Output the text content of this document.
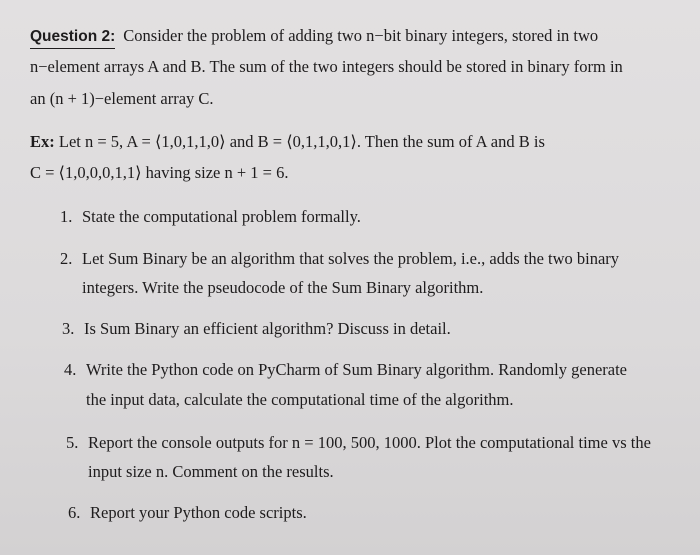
Question 2: Consider the problem of adding two n−bit binary integers, stored in two
n−element arrays A and B. The sum of the two integers should be stored in binary form in
an (n + 1)−element array C.
Ex: Let n = 5, A = ⟨1,0,1,1,0⟩ and B = ⟨0,1,1,0,1⟩. Then the sum of A and B is
C = ⟨1,0,0,0,1,1⟩ having size n + 1 = 6.
1. State the computational problem formally.
2. Let Sum Binary be an algorithm that solves the problem, i.e., adds the two binary
integers. Write the pseudocode of the Sum Binary algorithm.
3. Is Sum Binary an efficient algorithm? Discuss in detail.
4. Write the Python code on PyCharm of Sum Binary algorithm. Randomly generate
the input data, calculate the computational time of the algorithm.
5. Report the console outputs for n = 100, 500, 1000. Plot the computational time vs the
input size n. Comment on the results.
6. Report your Python code scripts.
